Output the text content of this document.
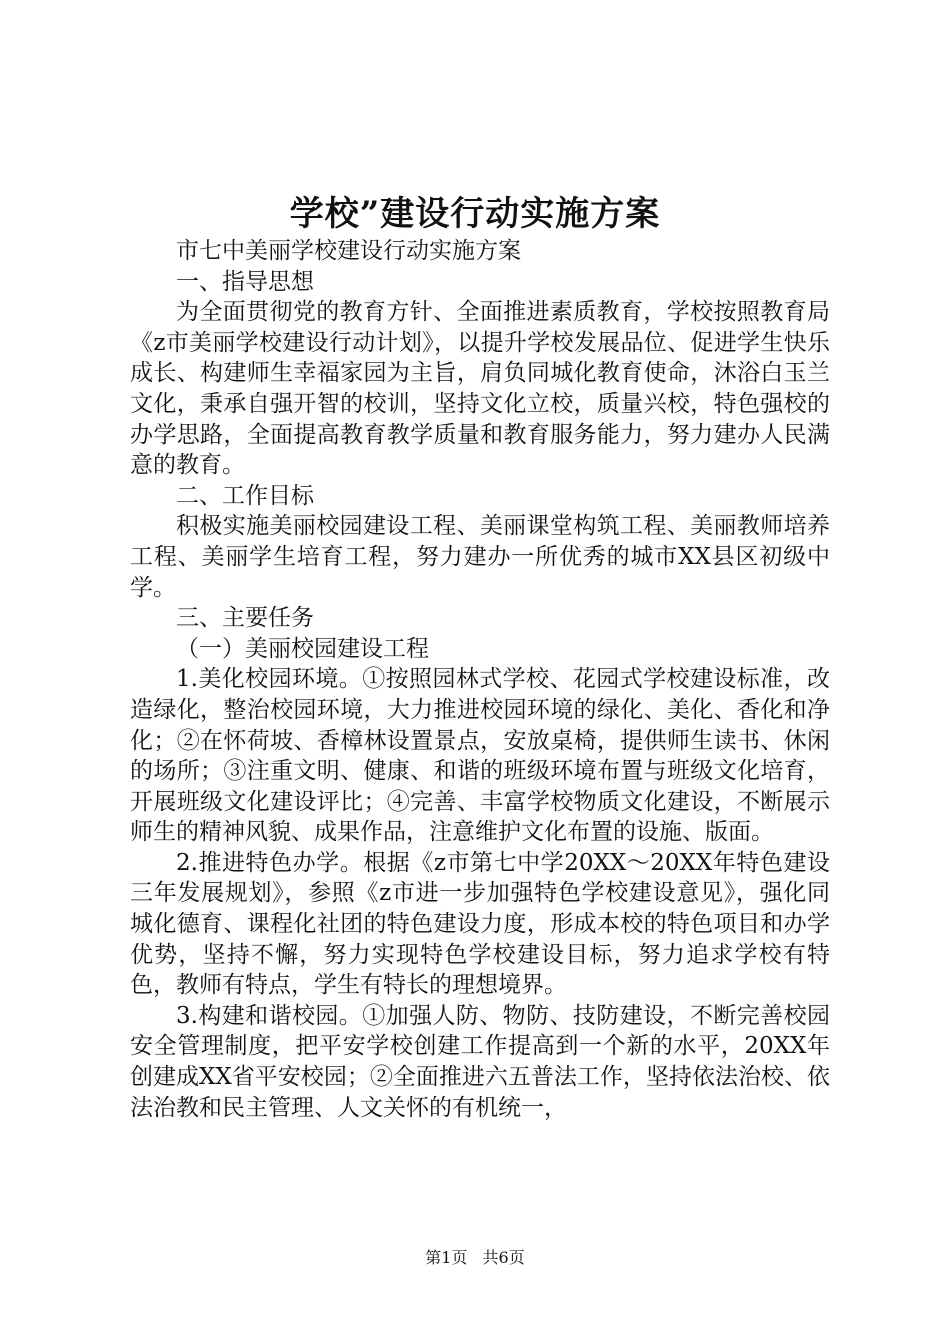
学校”建设行动实施方案

市七中美丽学校建设行动实施方案

一、指导思想

为全面贯彻党的教育方针、全面推进素质教育，学校按照教育局《z市美丽学校建设行动计划》，以提升学校发展品位、促进学生快乐成长、构建师生幸福家园为主旨，肩负同城化教育使命，沐浴白玉兰文化，秉承自强开智的校训，坚持文化立校，质量兴校，特色强校的办学思路，全面提高教育教学质量和教育服务能力，努力建办人民满意的教育。

二、工作目标

积极实施美丽校园建设工程、美丽课堂构筑工程、美丽教师培养工程、美丽学生培育工程，努力建办一所优秀的城市XX县区初级中学。

三、主要任务

（一）美丽校园建设工程

1.美化校园环境。①按照园林式学校、花园式学校建设标准，改造绿化，整治校园环境，大力推进校园环境的绿化、美化、香化和净化；②在怀荷坡、香樟林设置景点，安放桌椅，提供师生读书、休闲的场所；③注重文明、健康、和谐的班级环境布置与班级文化培育，开展班级文化建设评比；④完善、丰富学校物质文化建设，不断展示师生的精神风貌、成果作品，注意维护文化布置的设施、版面。

2.推进特色办学。根据《z市第七中学20XX～20XX年特色建设三年发展规划》，参照《z市进一步加强特色学校建设意见》，强化同城化德育、课程化社团的特色建设力度，形成本校的特色项目和办学优势，坚持不懈，努力实现特色学校建设目标，努力追求学校有特色，教师有特点，学生有特长的理想境界。

3.构建和谐校园。①加强人防、物防、技防建设，不断完善校园安全管理制度，把平安学校创建工作提高到一个新的水平，20XX年创建成XX省平安校园；②全面推进六五普法工作，坚持依法治校、依法治教和民主管理、人文关怀的有机统一，

第1页 共6页
